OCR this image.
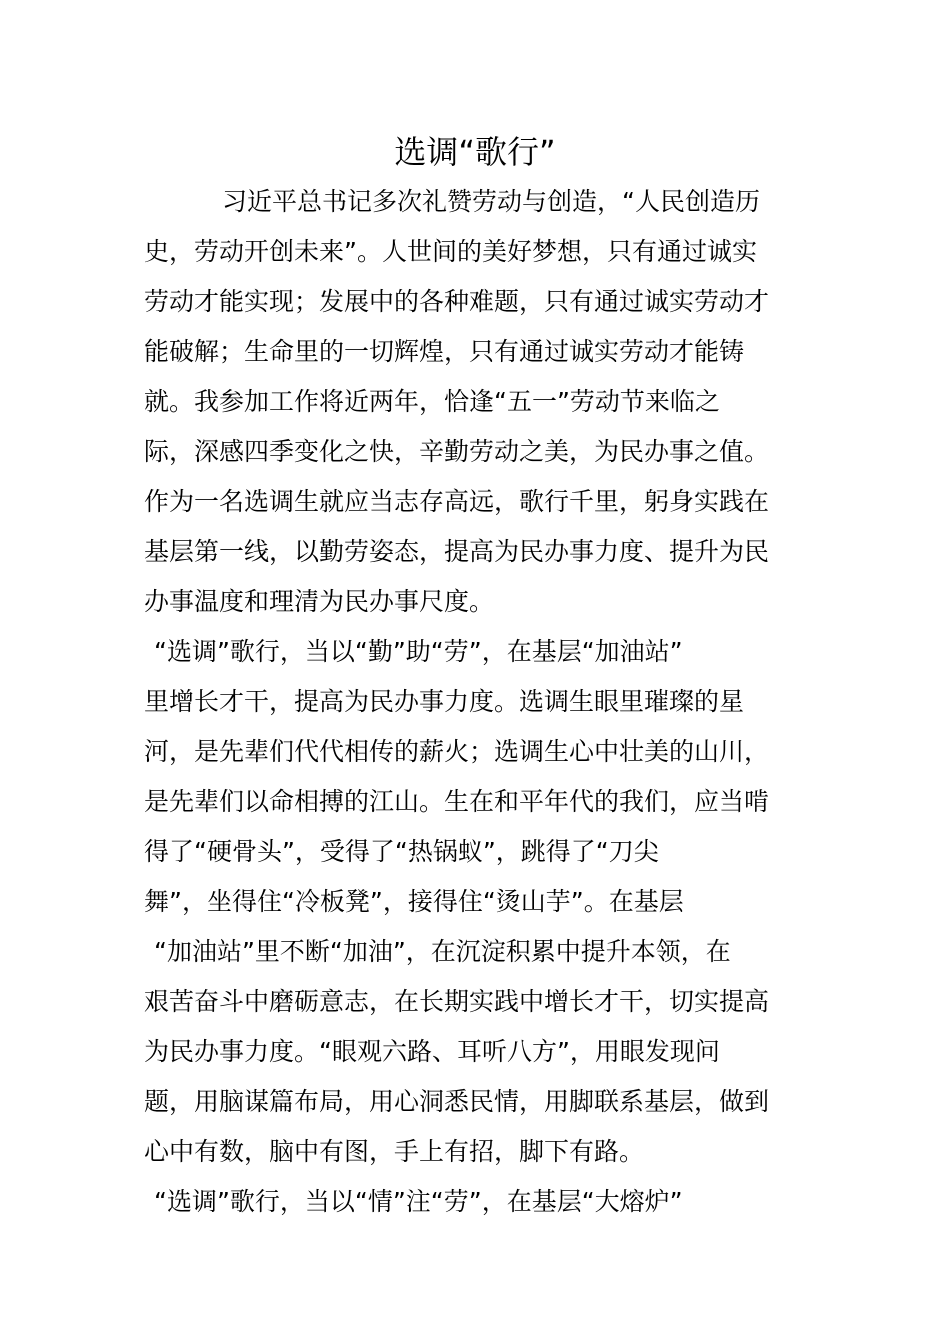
选调“歌行”
习近平总书记多次礼赞劳动与创造，“人民创造历
史，劳动开创未来”。人世间的美好梦想，只有通过诚实
劳动才能实现；发展中的各种难题，只有通过诚实劳动才
能破解；生命里的一切辉煌，只有通过诚实劳动才能铸
就。我参加工作将近两年，恰逢“五一”劳动节来临之
际，深感四季变化之快，辛勤劳动之美，为民办事之值。
作为一名选调生就应当志存高远，歌行千里，躬身实践在
基层第一线，以勤劳姿态，提高为民办事力度、提升为民
办事温度和理清为民办事尺度。
“选调”歌行，当以“勤”助“劳”，在基层“加油站”
里增长才干，提高为民办事力度。选调生眼里璀璨的星
河，是先辈们代代相传的薪火；选调生心中壮美的山川，
是先辈们以命相搏的江山。生在和平年代的我们，应当啃
得了“硬骨头”，受得了“热锅蚁”，跳得了“刀尖
舞”，坐得住“冷板凳”，接得住“烫山芋”。在基层
“加油站”里不断“加油”，在沉淀积累中提升本领，在
艰苦奋斗中磨砺意志，在长期实践中增长才干，切实提高
为民办事力度。“眼观六路、耳听八方”，用眼发现问
题，用脑谋篇布局，用心洞悉民情，用脚联系基层，做到
心中有数，脑中有图，手上有招，脚下有路。
“选调”歌行，当以“情”注“劳”，在基层“大熔炉”
